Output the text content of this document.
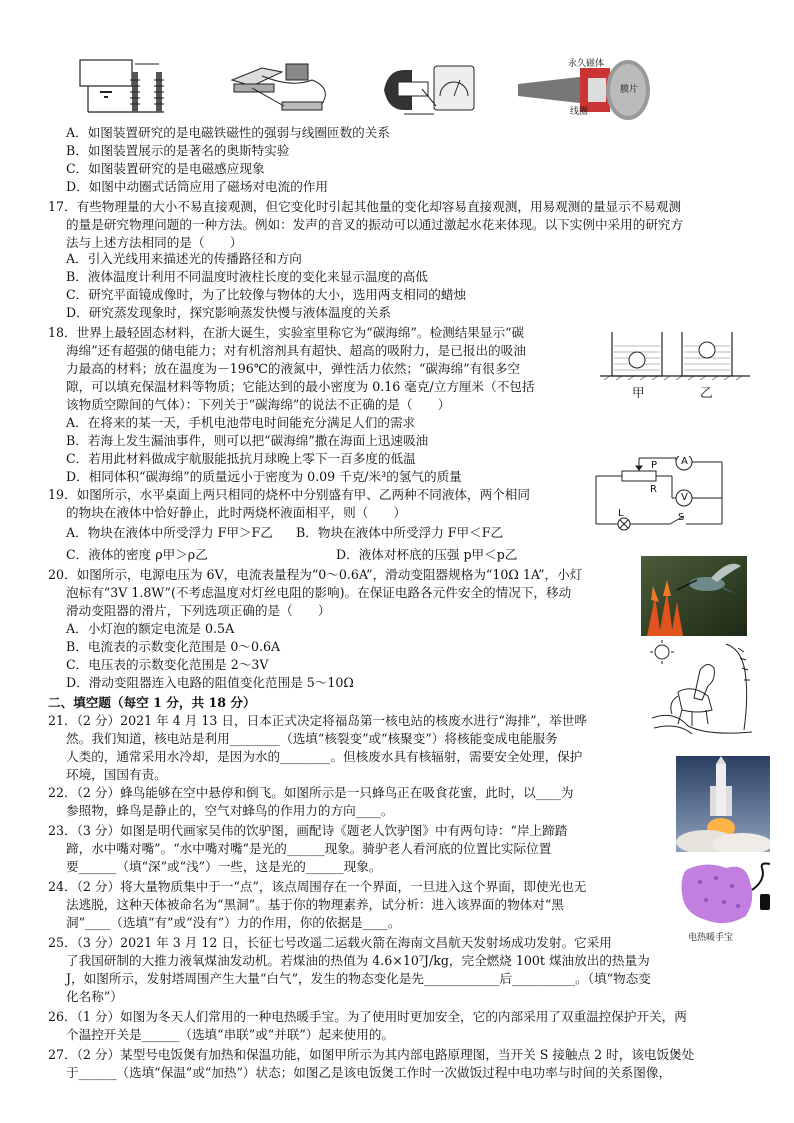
永久磁体
线圈
膜片
A．如图装置研究的是电磁铁磁性的强弱与线圈匝数的关系
B．如图装置展示的是著名的奥斯特实验
C．如图装置研究的是电磁感应现象
D．如图中动圈式话筒应用了磁场对电流的作用
17．有些物理量的大小不易直接观测，但它变化时引起其他量的变化却容易直接观测，用易观测的量显示不易观测
的量是研究物理问题的一种方法。例如：发声的音叉的振动可以通过激起水花来体现。以下实例中采用的研究方
法与上述方法相同的是（　　）
A．引入光线用来描述光的传播路径和方向
B．液体温度计利用不同温度时液柱长度的变化来显示温度的高低
C．研究平面镜成像时，为了比较像与物体的大小，选用两支相同的蜡烛
D．研究蒸发现象时，探究影响蒸发快慢与液体温度的关系
18．世界上最轻固态材料，在浙大诞生，实验室里称它为“碳海绵”。检测结果显示“碳
海绵”还有超强的储电能力；对有机溶剂具有超快、超高的吸附力，是已报出的吸油
力最高的材料；放在温度为－196℃的液氮中，弹性活力依然；“碳海绵”有很多空
隙，可以填充保温材料等物质；它能达到的最小密度为 0.16 毫克/立方厘米（不包括
该物质空隙间的气体）：下列关于“碳海绵”的说法不正确的是（　　）
A．在将来的某一天，手机电池带电时间能充分满足人们的需求
B．若海上发生漏油事件，则可以把“碳海绵”撒在海面上迅速吸油
C．若用此材料做成宇航服能抵抗月球晚上零下一百多度的低温
D．相同体积“碳海绵”的质量远小于密度为 0.09 千克/米³的氢气的质量
甲	乙
P A
R
V
L	S
19．如图所示，水平桌面上两只相同的烧杯中分别盛有甲、乙两种不同液体，两个相同
的物块在液体中恰好静止，此时两烧杯液面相平，则（　　）
A．物块在液体中所受浮力 F甲＞F乙 B．物块在液体中所受浮力 F甲＜F乙
C．液体的密度 ρ甲＞ρ乙	D．液体对杯底的压强 p甲＜p乙
20．如图所示，电源电压为 6V，电流表量程为“0～0.6A”，滑动变阻器规格为“10Ω 1A”，小灯
泡标有“3V 1.8W”(不考虑温度对灯丝电阻的影响)。在保证电路各元件安全的情况下，移动
滑动变阻器的滑片，下列选项正确的是（　　）
A．小灯泡的额定电流是 0.5A
B．电流表的示数变化范围是 0～0.6A
C．电压表的示数变化范围是 2～3V
D．滑动变阻器连入电路的阻值变化范围是 5～10Ω
二、填空题（每空 1 分，共 18 分）
21．（2 分）2021 年 4 月 13 日，日本正式决定将福岛第一核电站的核废水进行“海排”，举世哗
然。我们知道，核电站是利用________（选填“核裂变”或“核聚变”）将核能变成电能服务
人类的，通常采用水冷却，是因为水的________。但核废水具有核辐射，需要安全处理，保护
环境，国国有责。
22．（2 分）蜂鸟能够在空中悬停和倒飞。如图所示是一只蜂鸟正在吸食花蜜，此时，以____为
参照物，蜂鸟是静止的，空气对蜂鸟的作用力的方向____。
23．（3 分）如图是明代画家吴伟的饮驴图，画配诗《题老人饮驴图》中有两句诗：“岸上蹄踏
蹄，水中嘴对嘴”。“水中嘴对嘴”是光的______现象。骑驴老人看河底的位置比实际位置
要______（填“深”或“浅”）一些，这是光的______现象。
电热暖手宝
24．（2 分）将大量物质集中于一“点”，该点周围存在一个界面，一旦进入这个界面，即使光也无
法逃脱，这种天体被命名为“黑洞”。基于你的物理素养，试分析：进入该界面的物体对“黑
洞”____（选填“有”或“没有”）力的作用，你的依据是____。
25．（3 分）2021 年 3 月 12 日，长征七号改遥二运载火箭在海南文昌航天发射场成功发射。它采用
了我国研制的大推力液氧煤油发动机。若煤油的热值为 4.6×10⁷J/kg，完全燃烧 100t 煤油放出的热量为
J，如图所示，发射塔周围产生大量“白气”，发生的物态变化是先____________后__________。（填“物态变
化名称”）
26．（1 分）如图为冬天人们常用的一种电热暖手宝。为了使用时更加安全，它的内部采用了双重温控保护开关，两
个温控开关是______（选填“串联”或“并联”）起来使用的。
27．（2 分）某型号电饭煲有加热和保温功能，如图甲所示为其内部电路原理图，当开关 S 接触点 2 时，该电饭煲处
于______（选填“保温”或“加热”）状态；如图乙是该电饭煲工作时一次做饭过程中电功率与时间的关系图像，
